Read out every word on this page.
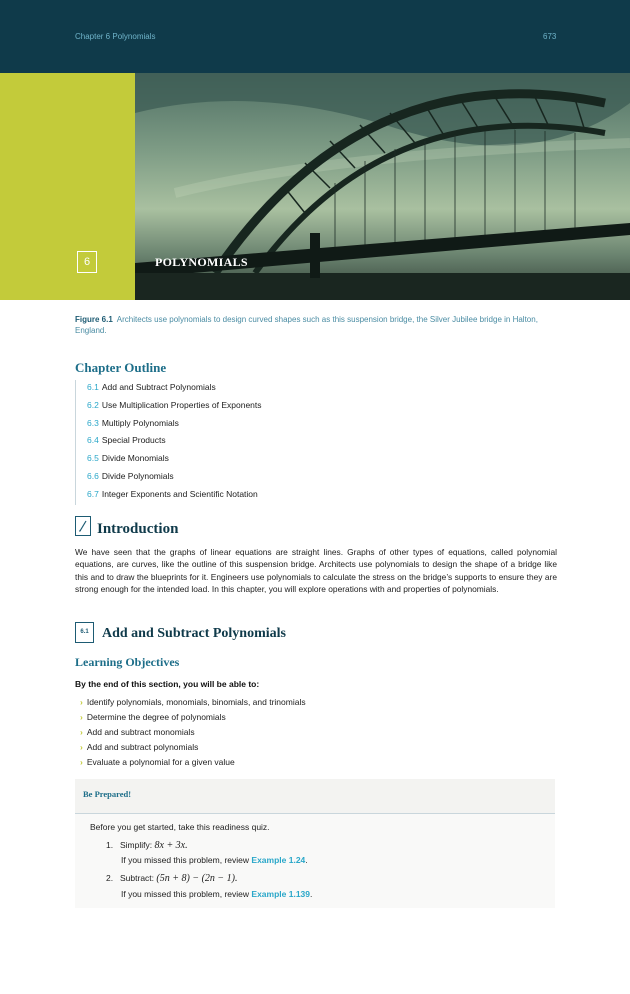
Chapter 6 Polynomials	673
6	POLYNOMIALS
Figure 6.1 Architects use polynomials to design curved shapes such as this suspension bridge, the Silver Jubilee bridge in Halton, England.
Chapter Outline
6.1 Add and Subtract Polynomials
6.2 Use Multiplication Properties of Exponents
6.3 Multiply Polynomials
6.4 Special Products
6.5 Divide Monomials
6.6 Divide Polynomials
6.7 Integer Exponents and Scientific Notation
Introduction

We have seen that the graphs of linear equations are straight lines. Graphs of other types of equations, called polynomial equations, are curves, like the outline of this suspension bridge. Architects use polynomials to design the shape of a bridge like this and to draw the blueprints for it. Engineers use polynomials to calculate the stress on the bridge’s supports to ensure they are strong enough for the intended load. In this chapter, you will explore operations with and properties of polynomials.

6.1 Add and Subtract Polynomials
Learning Objectives
By the end of this section, you will be able to:
› Identify polynomials, monomials, binomials, and trinomials
› Determine the degree of polynomials
› Add and subtract monomials
› Add and subtract polynomials
› Evaluate a polynomial for a given value
Be Prepared!
Before you get started, take this readiness quiz.
1. Simplify: 8x + 3x.
If you missed this problem, review Example 1.24.
2. Subtract: (5n + 8) − (2n − 1).
If you missed this problem, review Example 1.139.
